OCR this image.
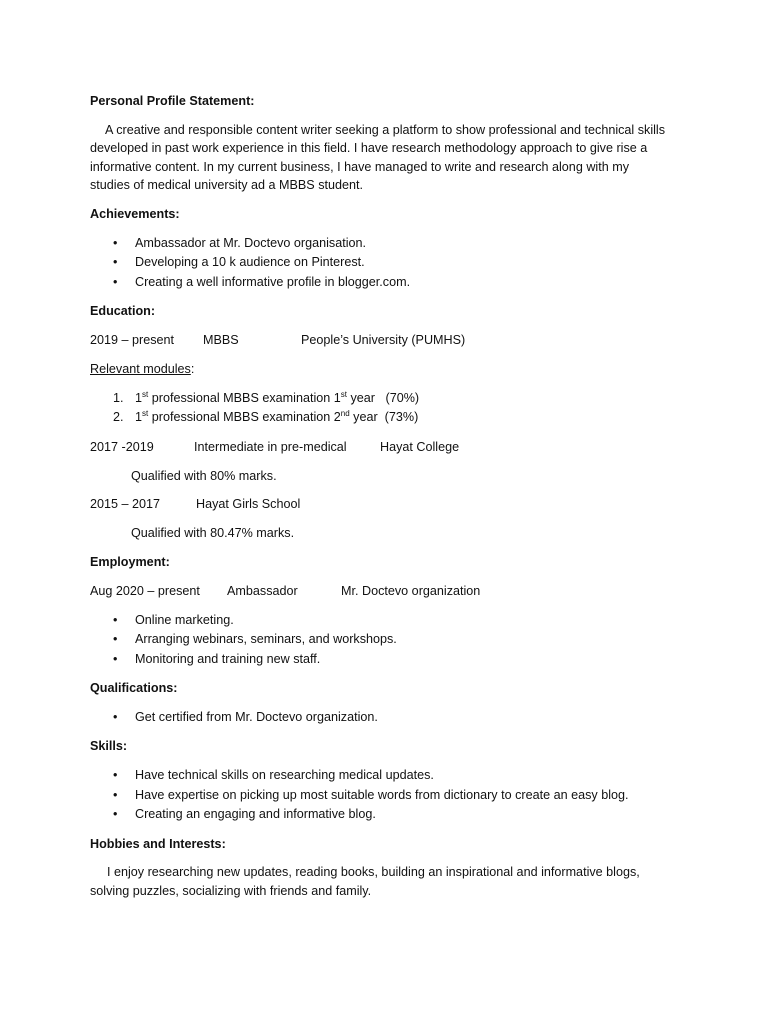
Personal Profile Statement:

A creative and responsible content writer seeking a platform to show professional and technical skills
developed in past work experience in this field. I have research methodology approach to give rise a
informative content. In my current business, I have managed to write and research along with my
studies of medical university ad a MBBS student.

Achievements:

• Ambassador at Mr. Doctevo organisation.
• Developing a 10 k audience on Pinterest.
• Creating a well informative profile in blogger.com.

Education:

2019 – present MBBS	People’s University (PUMHS)
Relevant modules:
1. 1st professional MBBS examination 1st year   (70%)
2. 1st professional MBBS examination 2nd year  (73%)
2017 -2019	Intermediate in pre-medical	Hayat College
Qualified with 80% marks.
2015 – 2017	Hayat Girls School
Qualified with 80.47% marks.

Employment:

Aug 2020 – present Ambassador	Mr. Doctevo organization
• Online marketing.
• Arranging webinars, seminars, and workshops.
• Monitoring and training new staff.

Qualifications:

• Get certified from Mr. Doctevo organization.

Skills:

• Have technical skills on researching medical updates.
• Have expertise on picking up most suitable words from dictionary to create an easy blog.
• Creating an engaging and informative blog.

Hobbies and Interests:

I enjoy researching new updates, reading books, building an inspirational and informative blogs,
solving puzzles, socializing with friends and family.
